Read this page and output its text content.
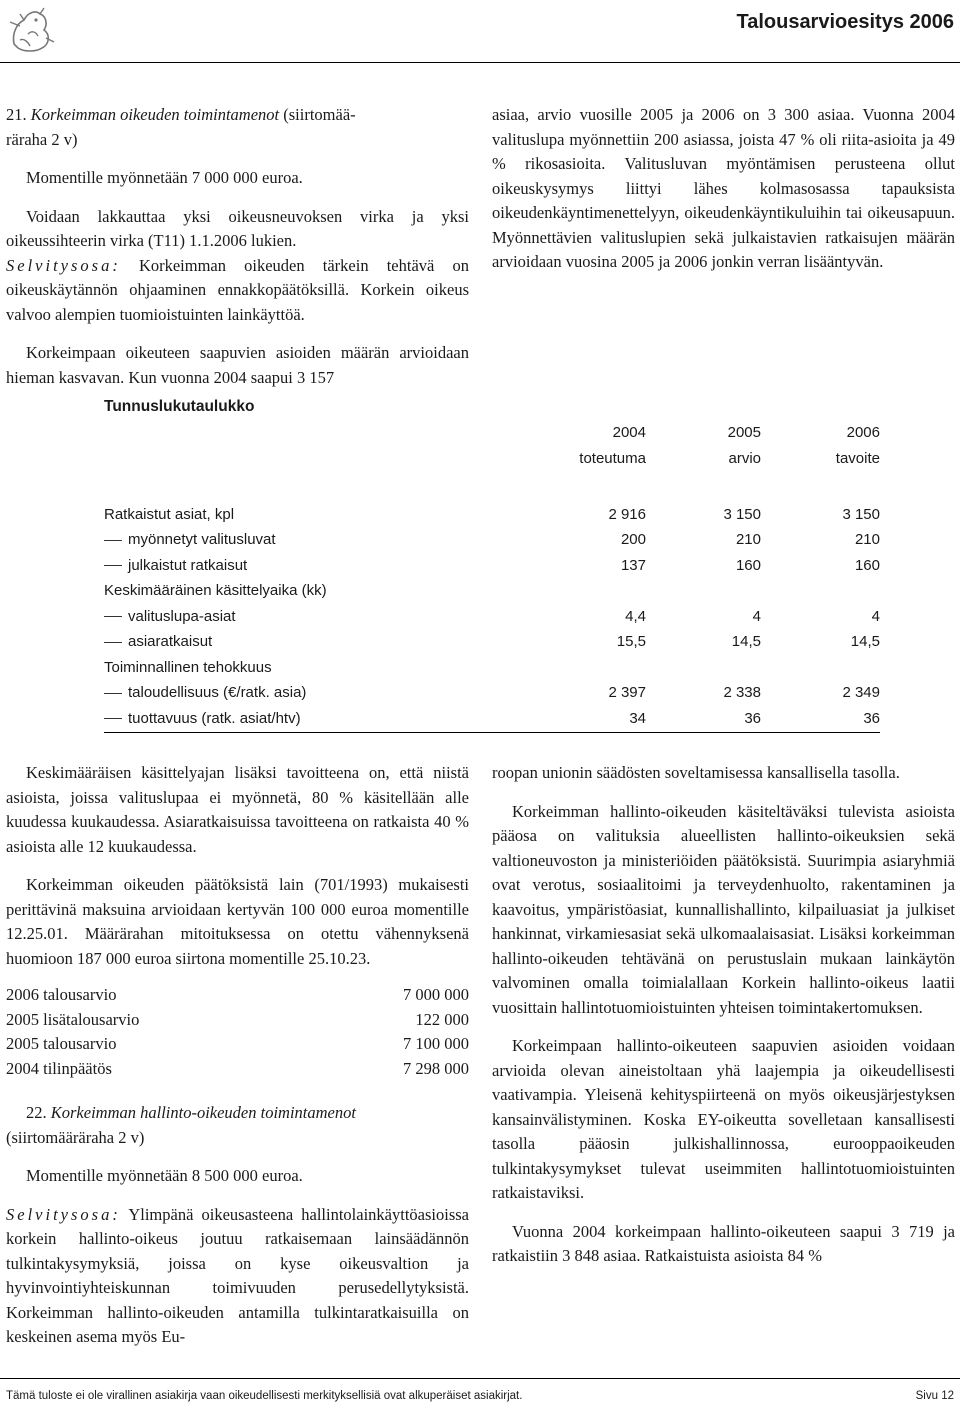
Talousarvioesitys 2006

21. Korkeimman oikeuden toimintamenot (siirtomää-
räraha 2 v)

Momentille myönnetään 7 000 000 euroa.

Voidaan lakkauttaa yksi oikeusneuvoksen virka ja yksi oikeussihteerin virka (T11) 1.1.2006 lukien.

Selvitysosa: Korkeimman oikeuden tärkein tehtävä on oikeuskäytännön ohjaaminen ennakkopäätöksillä. Korkein oikeus valvoo alempien tuomioistuinten lainkäyttöä.

Korkeimpaan oikeuteen saapuvien asioiden määrän arvioidaan hieman kasvavan. Kun vuonna 2004 saapui 3 157

asiaa, arvio vuosille 2005 ja 2006 on 3 300 asiaa. Vuonna 2004 valituslupa myönnettiin 200 asiassa, joista 47 % oli riita-asioita ja 49 % rikosasioita. Valitusluvan myöntämisen perusteena ollut oikeuskysymys liittyi lähes kolmasosassa tapauksista oikeudenkäyntimenettelyyn, oikeudenkäyntikuluihin tai oikeusapuun. Myönnettävien valituslupien sekä julkaistavien ratkaisujen määrän arvioidaan vuosina 2005 ja 2006 jonkin verran lisääntyvän.

Tunnuslukutaulukko
	2004	2005	2006
	toteutuma	arvio	tavoite

Ratkaistut asiat, kpl	2 916	3 150	3 150
myönnetyt valitusluvat	200	210	210
julkaistut ratkaisut	137	160	160
Keskimääräinen käsittelyaika (kk)			
valituslupa-asiat	4,4	4	4
asiaratkaisut	15,5	14,5	14,5
Toiminnallinen tehokkuus			
taloudellisuus (€/ratk. asia)	2 397	2 338	2 349
tuottavuus (ratk. asiat/htv)	34	36	36

Keskimääräisen käsittelyajan lisäksi tavoitteena on, että niistä asioista, joissa valituslupaa ei myönnetä, 80 % käsitellään alle kuudessa kuukaudessa. Asiaratkaisuissa tavoitteena on ratkaista 40 % asioista alle 12 kuukaudessa.

Korkeimman oikeuden päätöksistä lain (701/1993) mukaisesti perittävinä maksuina arvioidaan kertyvän 100 000 euroa momentille 12.25.01. Määrärahan mitoituksessa on otettu vähennyksenä huomioon 187 000 euroa siirtona momentille 25.10.23.

2006 talousarvio	7 000 000
2005 lisätalousarvio	122 000
2005 talousarvio	7 100 000
2004 tilinpäätös	7 298 000

22. Korkeimman hallinto-oikeuden toimintamenot

(siirtomääräraha 2 v)

Momentille myönnetään 8 500 000 euroa.

Selvitysosa: Ylimpänä oikeusasteena hallintolainkäyttöasioissa korkein hallinto-oikeus joutuu ratkaisemaan lainsäädännön tulkintakysymyksiä, joissa on kyse oikeusvaltion ja hyvinvointiyhteiskunnan toimivuuden perusedellytyksistä. Korkeimman hallinto-oikeuden antamilla tulkintaratkaisuilla on keskeinen asema myös Eu-

roopan unionin säädösten soveltamisessa kansallisella tasolla.

Korkeimman hallinto-oikeuden käsiteltäväksi tulevista asioista pääosa on valituksia alueellisten hallinto-oikeuksien sekä valtioneuvoston ja ministeriöiden päätöksistä. Suurimpia asiaryhmiä ovat verotus, sosiaalitoimi ja terveydenhuolto, rakentaminen ja kaavoitus, ympäristöasiat, kunnallishallinto, kilpailuasiat ja julkiset hankinnat, virkamiesasiat sekä ulkomaalaisasiat. Lisäksi korkeimman hallinto-oikeuden tehtävänä on perustuslain mukaan lainkäytön valvominen omalla toimialallaan Korkein hallinto-oikeus laatii vuosittain hallintotuomioistuinten yhteisen toimintakertomuksen.

Korkeimpaan hallinto-oikeuteen saapuvien asioiden voidaan arvioida olevan aineistoltaan yhä laajempia ja oikeudellisesti vaativampia. Yleisenä kehityspiirteenä on myös oikeusjärjestyksen kansainvälistyminen. Koska EY-oikeutta sovelletaan kansallisesti tasolla pääosin julkishallinnossa, eurooppaoikeuden tulkintakysymykset tulevat useimmiten hallintotuomioistuinten ratkaistaviksi.

Vuonna 2004 korkeimpaan hallinto-oikeuteen saapui 3 719 ja ratkaistiin 3 848 asiaa. Ratkaistuista asioista 84 %

Tämä tuloste ei ole virallinen asiakirja vaan oikeudellisesti merkityksellisiä ovat alkuperäiset asiakirjat.	Sivu 12
